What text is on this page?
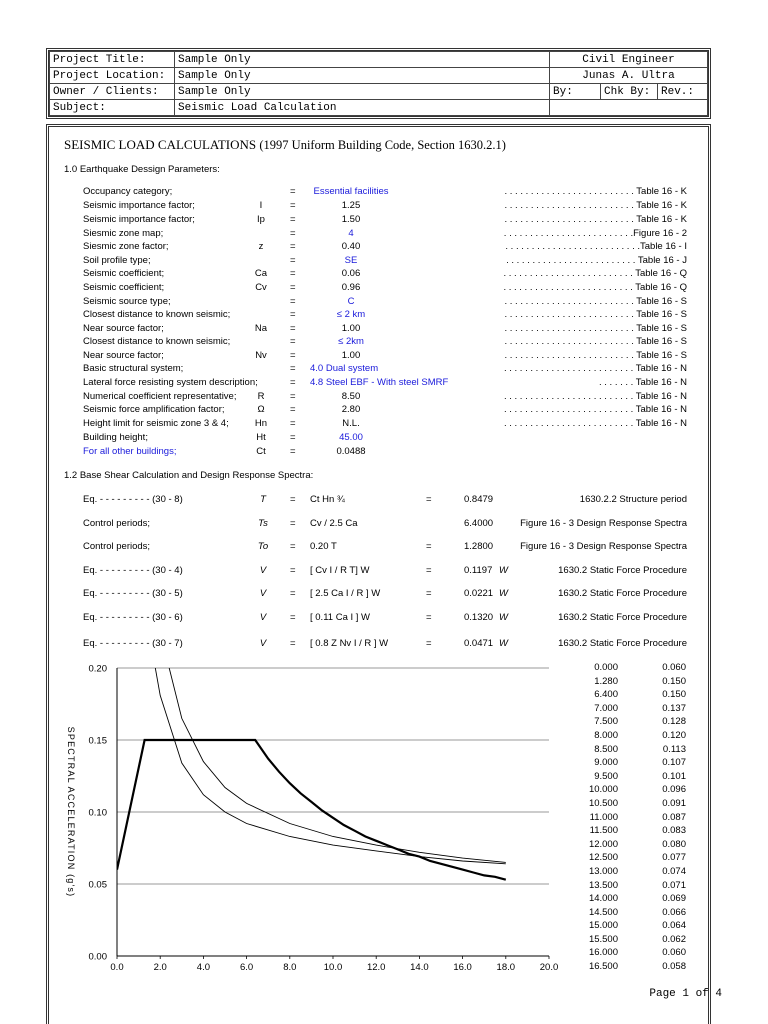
Project Title:	Sample Only	Civil Engineer		
Project Location:	Sample Only	Junas A. Ultra		
Owner / Clients:	Sample Only	By:	Chk By:	Rev.:
Subject:	Seismic Load Calculation			
SEISMIC LOAD CALCULATIONS (1997 Uniform Building Code, Section 1630.2.1)
1.0 Earthquake Dessign Parameters:
Occupancy category;	=	Essential facilities	. . . . . . . . . . . . . . . . . . . . . . . . . Table 16 - K
Seismic importance factor;	I	=	1.25	. . . . . . . . . . . . . . . . . . . . . . . . . Table 16 - K
Seismic importance factor;	Ip	=	1.50	. . . . . . . . . . . . . . . . . . . . . . . . . Table 16 - K
Siesmic zone map;	=	4	. . . . . . . . . . . . . . . . . . . . . . . . .Figure 16 - 2
Siesmic zone factor;	z	=	0.40	. . . . . . . . . . . . . . . . . . . . . . . . . .Table 16 - I
Soil profile type;	=	SE	. . . . . . . . . . . . . . . . . . . . . . . . . Table 16 - J
Seismic coefficient;	Ca	=	0.06	. . . . . . . . . . . . . . . . . . . . . . . . . Table 16 - Q
Seismic coefficient;	Cv	=	0.96	. . . . . . . . . . . . . . . . . . . . . . . . . Table 16 - Q
Seismic source type;	=	C	. . . . . . . . . . . . . . . . . . . . . . . . . Table 16 - S
Closest distance to known seismic;	=	≤ 2 km	. . . . . . . . . . . . . . . . . . . . . . . . . Table 16 - S
Near source factor;	Na	=	1.00	. . . . . . . . . . . . . . . . . . . . . . . . . Table 16 - S
Closest distance to known seismic;	=	≤ 2km	. . . . . . . . . . . . . . . . . . . . . . . . . Table 16 - S
Near source factor;	Nv	=	1.00	. . . . . . . . . . . . . . . . . . . . . . . . . Table 16 - S
Basic structural system;	= 4.0 Dual system	. . . . . . . . . . . . . . . . . . . . . . . . . Table 16 - N
Lateral force resisting system description;	= 4.8 Steel EBF - With steel SMRF	. . . . . . . Table 16 - N
Numerical coefficient representative;	R	=	8.50	. . . . . . . . . . . . . . . . . . . . . . . . . Table 16 - N
Seismic force amplification factor;	Ω	=	2.80	. . . . . . . . . . . . . . . . . . . . . . . . . Table 16 - N
Height limit for seismic zone 3 & 4;	Hn	=	N.L.	. . . . . . . . . . . . . . . . . . . . . . . . . Table 16 - N
Building height;	Ht	=	45.00
For all other buildings;	Ct	=	0.0488
1.2 Base Shear Calculation and Design Response Spectra:
Eq. - - - - - - - - - (30 - 8)	T	= Ct Hn ¾	=	0.8479	1630.2.2 Structure period
Control periods;	Ts	= Cv / 2.5 Ca	6.4000	Figure 16 - 3 Design Response Spectra
Control periods;	To	= 0.20 T	=	1.2800	Figure 16 - 3 Design Response Spectra
Eq. - - - - - - - - - (30 - 4)	V	= [ Cv I / R T] W	=	0.1197 W	1630.2 Static Force Procedure
Eq. - - - - - - - - - (30 - 5)	V	= [ 2.5 Ca I / R ] W	=	0.0221 W	1630.2 Static Force Procedure
Eq. - - - - - - - - - (30 - 6)	V	= [ 0.11 Ca I ] W	=	0.1320 W	1630.2 Static Force Procedure
Eq. - - - - - - - - - (30 - 7)	V	= [ 0.8 Z Nv I / R ] W	=	0.0471 W	1630.2 Static Force Procedure
0.00
0.05
0.10
0.15
0.20
0.0	2.0	4.0	6.0	8.0	10.0	12.0	14.0	16.0	18.0	20.0
SPECTRAL ACCELERATION (g's)
0.000	0.060
1.280	0.150
6.400	0.150
7.000	0.137
7.500	0.128
8.000	0.120
8.500	0.113
9.000	0.107
9.500	0.101
10.000	0.096
10.500	0.091
11.000	0.087
11.500	0.083
12.000	0.080
12.500	0.077
13.000	0.074
13.500	0.071
14.000	0.069
14.500	0.066
15.000	0.064
15.500	0.062
16.000	0.060
16.500	0.058
Page 1 of 4
